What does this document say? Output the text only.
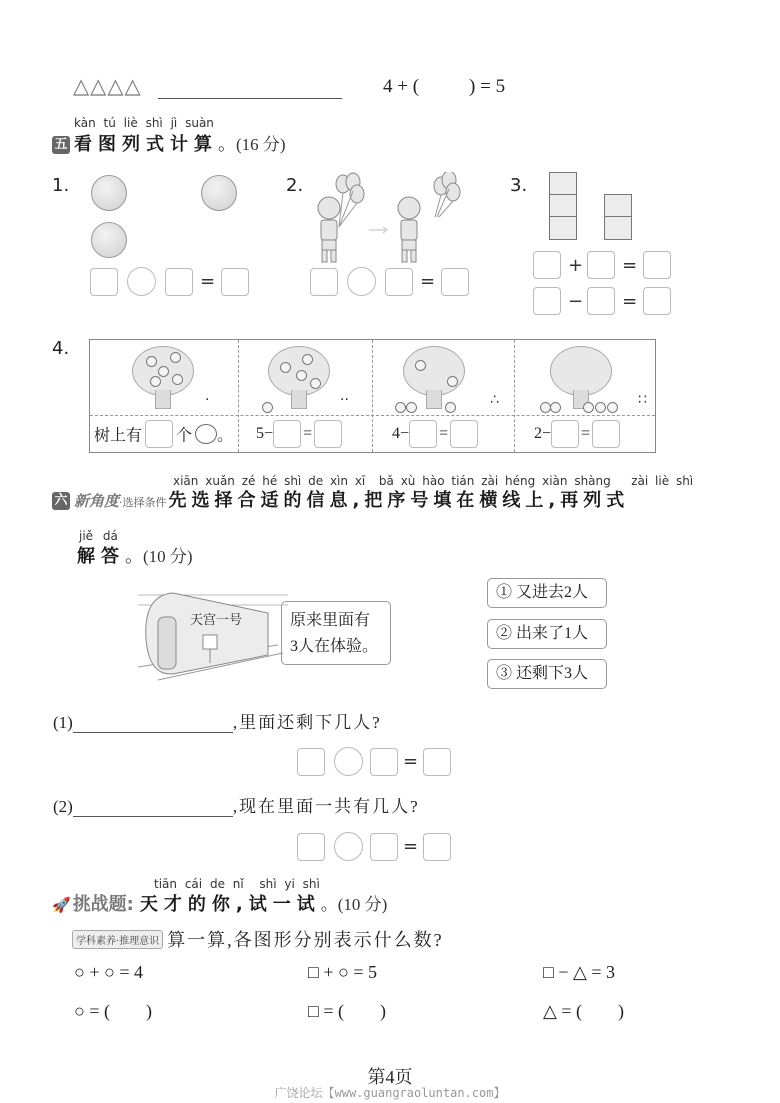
△△△△	4 + (	) = 5
kàn tú liè shì jì suàn
五 看图列式计算。(16 分)
1.
=
2.
=
3.
+ =
− =
4.
·	··	∴	∷
树上有 个 。 5− =	4− =	2− =
xiān xuǎn zé hé shì de xìn xī bǎ xù hào tián zài héng xiàn shàng zài liè shì
六 新角度·选择条件 先选择合适的信息,把序号填在横线上,再列式
jiě dá
解答。(10 分)
天宫一号	原来里面有
3人在体验。
① 又进去2人
② 出来了1人
③ 还剩下3人
(1)	,里面还剩下几人?
=
(2)	,现在里面一共有几人?
=
tiān cái de nǐ shì yi shì
🚀 挑战题: 天才的你,试一试。(10 分)
学科素养·推理意识 算一算,各图形分别表示什么数?
○ + ○ = 4	□ + ○ = 5	□ − △ = 3
○ = (        )	□ = (        )	△ = (        )
第4页
广饶论坛【www.guangraoluntan.com】
